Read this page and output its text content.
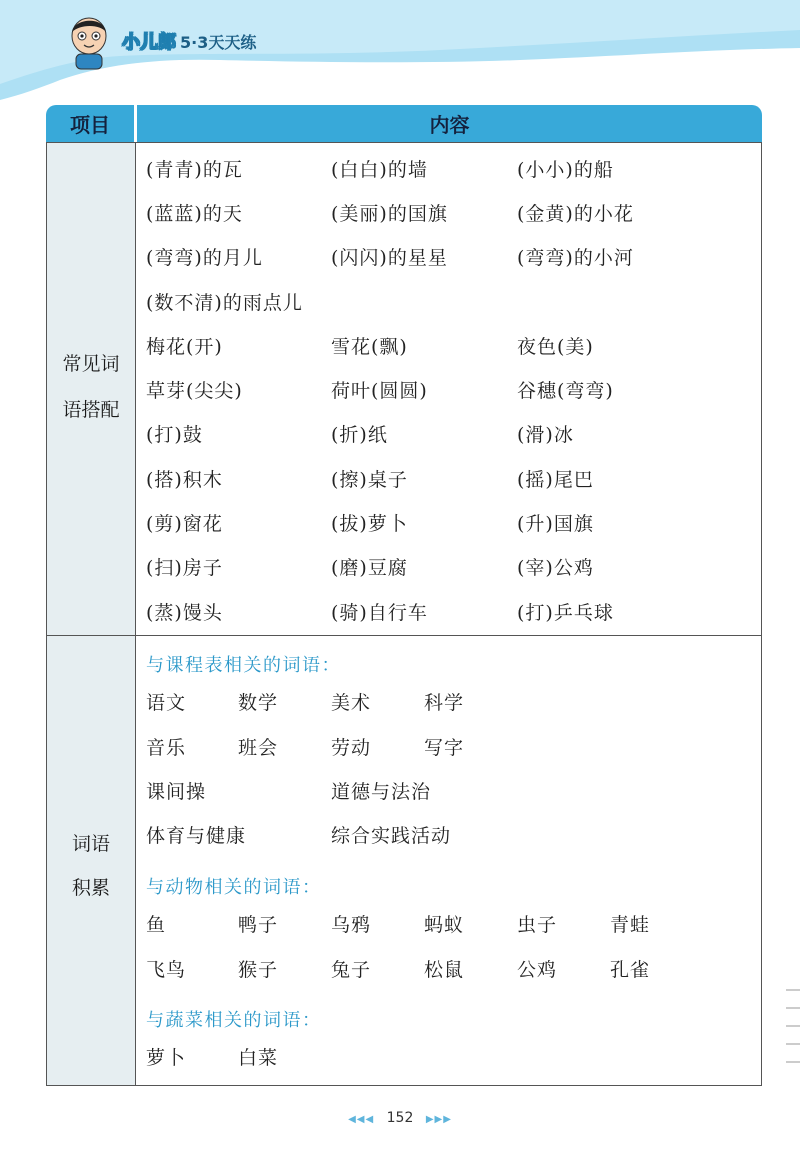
小儿郎 5·3天天练
项目	内容
常见词
语搭配
(青青)的瓦	(白白)的墙	(小小)的船
(蓝蓝)的天	(美丽)的国旗	(金黄)的小花
(弯弯)的月儿	(闪闪)的星星	(弯弯)的小河
(数不清)的雨点儿
梅花(开)	雪花(飘)	夜色(美)
草芽(尖尖)	荷叶(圆圆)	谷穗(弯弯)
(打)鼓	(折)纸	(滑)冰
(搭)积木	(擦)桌子	(摇)尾巴
(剪)窗花	(拔)萝卜	(升)国旗
(扫)房子	(磨)豆腐	(宰)公鸡
(蒸)馒头	(骑)自行车	(打)乒乓球
词语
积累
与课程表相关的词语：
语文	数学	美术	科学
音乐	班会	劳动	写字
课间操	道德与法治
体育与健康	综合实践活动
与动物相关的词语：
鱼	鸭子	乌鸦	蚂蚁	虫子	青蛙
飞鸟	猴子	兔子	松鼠	公鸡	孔雀
与蔬菜相关的词语：
萝卜	白菜
◀◀◀ 152 ▶▶▶
